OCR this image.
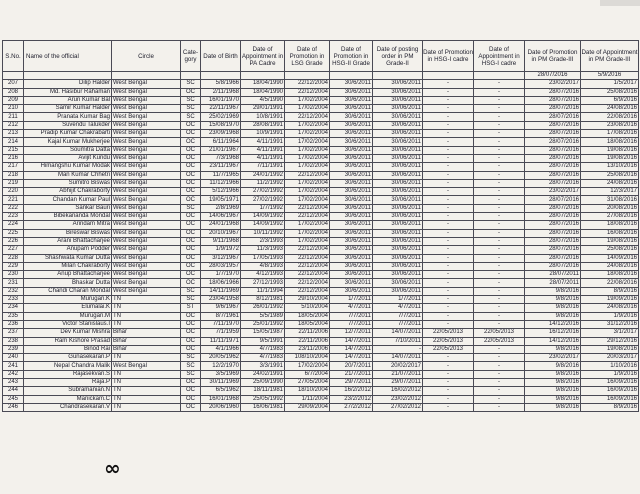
S.No.	Name of the official	Circle	Cate-gory	Date of Birth	Date of Appointment in PA Cadre	Date of Promotion in LSG Grade	Date of Promotion in HSG-II Grade	Date of posting order in PM Grade-II	Date of Promotion in HSG-I cadre	Date of Appointment in HSG-I cadre	Date of Promotion in PM Grade-III	Date of Appointment in PM Grade-III
											28/07/2016	5/9/2016
207	Dilip Halder	West Bengal	SC	5/8/1966	18/04/1990	22/12/2004	30/6/2011	30/06/2011	-	-	23/02/2017	1/5/2017
208	Md. Hasibur Rahaman	West Bengal	OC	2/11/1968	18/04/1990	22/12/2004	30/6/2011	30/06/2011	-	-	28/07/2016	25/08/2016
209	Arun Kumar Bal	West Bengal	SC	16/01/1970	4/5/1990	17/02/2004	30/6/2011	30/06/2011	-	-	28/07/2016	6/9/2016
210	Samir Kumar Halder	West Bengal	SC	22/11/1967	29/01/1991	17/02/2004	30/6/2011	30/06/2011	-	-	28/07/2016	24/08/2016
211	Pranata Kumar Bag	West Bengal	SC	25/02/1969	10/8/1991	22/12/2004	30/6/2011	30/06/2011	-	-	28/07/2016	22/08/2016
212	Suvendu Talukder	West Bengal	OC	15/08/1970	28/08/1991	17/02/2004	30/6/2011	30/06/2011	-	-	28/07/2016	23/08/2016
213	Pradip Kumar Chakrabarti	West Bengal	OC	23/09/1968	10/9/1991	17/02/2004	30/6/2011	30/06/2011	-	-	28/07/2016	17/08/2016
214	Kajal Kumar Mukherjee	West Bengal	OC	6/11/1964	4/11/1991	17/02/2004	30/6/2011	30/06/2011	-	-	28/07/2016	18/08/2016
215	Soumitra Datta	West Bengal	OC	21/01/1967	4/11/1991	17/02/2004	30/6/2011	30/06/2011	-	-	28/07/2016	19/08/2016
216	Avijit Kundu	West Bengal	OC	7/3/1968	4/11/1991	17/02/2004	30/6/2011	30/06/2011	-	-	28/07/2016	19/08/2016
217	Himangshu Kumar Modak	West Bengal	OC	23/11/1967	7/11/1991	17/02/2004	30/6/2011	30/06/2011	-	-	28/07/2016	13/10/2016
218	Man Kumar Chhetri	West Bengal	OC	11/7/1965	24/01/1992	22/12/2004	30/6/2011	30/06/2011	-	-	28/07/2016	25/08/2016
219	Sumitro Biswas	West Bengal	OC	11/12/1966	11/2/1992	17/02/2004	30/6/2011	30/06/2011	-	-	28/07/2016	24/08/2016
220	Abhijit Chakraborty	West Bengal	OC	5/12/1966	27/02/1992	17/02/2004	30/6/2011	30/06/2011	-	-	23/02/2017	12/3/2017
221	Chandan Kumar Paul	West Bengal	OC	19/05/1971	27/02/1992	17/02/2004	30/6/2011	30/06/2011	-	-	28/07/2016	31/08/2016
222	Sankar Bauri	West Bengal	SC	2/8/1969	1/7/1992	22/12/2004	30/6/2011	30/06/2011	-	-	28/07/2016	20/08/2016
223	Bibekananda Mondal	West Bengal	OC	14/06/1967	14/09/1992	22/12/2004	30/6/2011	30/06/2011	-	-	28/07/2016	27/08/2016
224	Arindam Mitra	West Bengal	OC	24/01/1968	14/09/1992	17/02/2004	30/6/2011	30/06/2011	-	-	28/07/2016	18/08/2016
225	Bireswar Biswas	West Bengal	OC	20/10/1967	10/11/1992	17/02/2004	30/6/2011	30/06/2011	-	-	28/07/2016	16/08/2016
226	Arani Bhattacharjee	West Bengal	OC	9/11/1968	2/3/1993	17/02/2004	30/6/2011	30/06/2011	-	-	28/07/2016	19/08/2016
227	Anupam Podder	West Bengal	OC	1/9/1972	11/3/1993	22/12/2004	30/6/2011	30/06/2011	-	-	28/07/2016	25/08/2016
228	Shashwata Kumar Dutta	West Bengal	OC	3/12/1967	17/05/1993	22/12/2004	30/6/2011	30/06/2011	-	-	28/07/2016	14/09/2016
229	Milan Chakraborty	West Bengal	OC	28/03/1957	4/8/1993	22/12/2004	30/6/2011	30/06/2011	-	-	28/07/2016	24/08/2016
230	Anup Bhattacharjee	West Bengal	OC	1/7/1970	4/12/1993	22/12/2004	30/6/2011	30/06/2011	-	-	28/07/2011	18/08/2016
231	Bhaskar Dutta	West Bengal	OC	18/06/1966	27/12/1993	22/12/2004	30/6/2011	30/06/2011	-	-	28/07/2011	22/08/2016
232	Chandi Charan Mondal	West Bengal	SC	14/11/1969	11/1/1994	22/12/2004	30/6/2011	30/06/2011	-	-	9/8/2016	8/9/2016
233	Murugan.K	TN	SC	23/04/1958	8/12/1981	29/10/2004	1/7/2011	1/7/2011	-	-	9/8/2016	19/09/2016
234	Elumalai.K	TN	ST	9/6/1967	26/01/1992	5/10/2004	4/7/2011	4/7/2011	-	-	9/8/2016	24/08/2016
235	Murugan.M	TN	OC	8/7/1961	5/5/1989	18/05/2004	7/7/2011	7/7/2011	-	-	9/8/2016	1/9/2016
236	Victor Stanislaus.I	TN	OC	7/11/1970	25/01/1992	18/05/2004	7/7/2011	7/7/2011	-	-	14/12/2016	31/12/2016
237	Dev Kumar Mishra	Bihar	OC	7/1/1959	15/05/1987	22/11/2006	12/7/2011	14/07/2011	22/05/2013	22/05/2013	16/12/2016	3/1/2017
238	Ram Kishore Prasad	Bihar	OC	11/11/1971	9/5/1991	22/11/2006	14/7/2011	7/10/2011	22/05/2013	22/05/2013	14/12/2016	29/12/2016
239	Binod Rai	Bihar	OC	4/1/1966	4/7/1983	23/11/2006	14/7/2011	-	22/05/2013	-	9/8/2016	19/08/2016
240	Gunasekaran.P	TN	SC	20/05/1962	4/7/1983	108/10/2004	14/7/2011	14/07/2011	-	-	23/02/2017	20/03/2017
241	Nepal Chandra Malik	West Bengal	SC	12/2/1970	3/3/1991	17/02/2004	20/7/2011	20/02/2017	-	-	9/8/2016	1/10/2016
242	Rajasekvan.S	TN	SC	3/5/1969	24/02/1991	6/7/2004	21/7/2011	21/07/2011	-	-	9/8/2016	1/9/2016
243	Raja.P	TN	OC	30/11/1969	25/09/1990	27/05/2004	29/7/2011	29/07/2011	-	-	9/8/2016	16/09/2016
244	Subramanian.N	TN	OC	6/5/1962	18/11/1981	18/10/2004	16/2/2012	16/02/2012	-	-	9/8/2016	16/09/2016
245	Manickam.C	TN	OC	16/01/1968	25/05/1992	1/11/2004	23/2/2012	23/02/2012	-	-	9/8/2016	16/09/2016
246	Chandrasekaran.V	TN	OC	20/06/1960	16/06/1981	29/09/2004	27/2/2012	27/02/2012	-	-	9/8/2016	8/9/2016
∞
